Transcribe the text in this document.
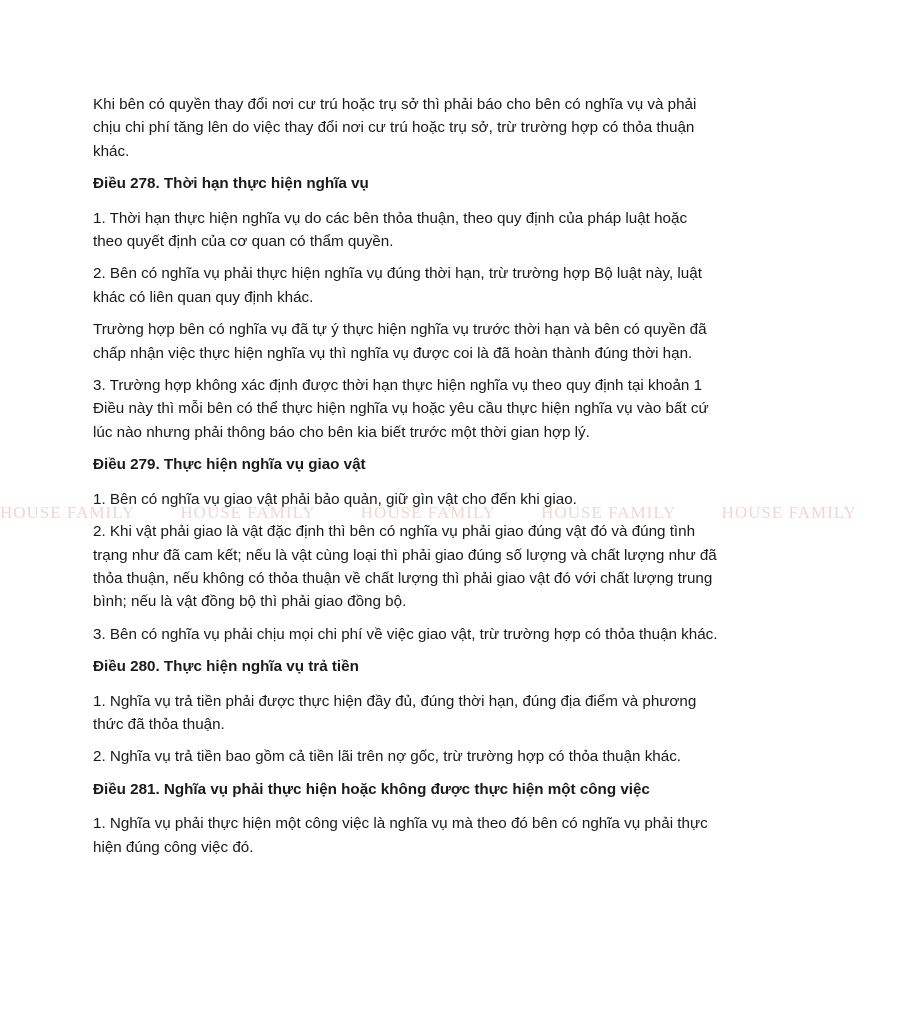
Khi bên có quyền thay đổi nơi cư trú hoặc trụ sở thì phải báo cho bên có nghĩa vụ và phải chịu chi phí tăng lên do việc thay đổi nơi cư trú hoặc trụ sở, trừ trường hợp có thỏa thuận khác.

Điều 278. Thời hạn thực hiện nghĩa vụ

1. Thời hạn thực hiện nghĩa vụ do các bên thỏa thuận, theo quy định của pháp luật hoặc theo quyết định của cơ quan có thẩm quyền.

2. Bên có nghĩa vụ phải thực hiện nghĩa vụ đúng thời hạn, trừ trường hợp Bộ luật này, luật khác có liên quan quy định khác.

Trường hợp bên có nghĩa vụ đã tự ý thực hiện nghĩa vụ trước thời hạn và bên có quyền đã chấp nhận việc thực hiện nghĩa vụ thì nghĩa vụ được coi là đã hoàn thành đúng thời hạn.

3. Trường hợp không xác định được thời hạn thực hiện nghĩa vụ theo quy định tại khoản 1 Điều này thì mỗi bên có thể thực hiện nghĩa vụ hoặc yêu cầu thực hiện nghĩa vụ vào bất cứ lúc nào nhưng phải thông báo cho bên kia biết trước một thời gian hợp lý.

Điều 279. Thực hiện nghĩa vụ giao vật

1. Bên có nghĩa vụ giao vật phải bảo quản, giữ gìn vật cho đến khi giao.

2. Khi vật phải giao là vật đặc định thì bên có nghĩa vụ phải giao đúng vật đó và đúng tình trạng như đã cam kết; nếu là vật cùng loại thì phải giao đúng số lượng và chất lượng như đã thỏa thuận, nếu không có thỏa thuận về chất lượng thì phải giao vật đó với chất lượng trung bình; nếu là vật đồng bộ thì phải giao đồng bộ.

3. Bên có nghĩa vụ phải chịu mọi chi phí về việc giao vật, trừ trường hợp có thỏa thuận khác.

Điều 280. Thực hiện nghĩa vụ trả tiền

1. Nghĩa vụ trả tiền phải được thực hiện đầy đủ, đúng thời hạn, đúng địa điểm và phương thức đã thỏa thuận.

2. Nghĩa vụ trả tiền bao gồm cả tiền lãi trên nợ gốc, trừ trường hợp có thỏa thuận khác.

Điều 281. Nghĩa vụ phải thực hiện hoặc không được thực hiện một công việc

1. Nghĩa vụ phải thực hiện một công việc là nghĩa vụ mà theo đó bên có nghĩa vụ phải thực hiện đúng công việc đó.

HOUSE FAMILY	HOUSE FAMILY	HOUSE FAMILY	HOUSE FAMILY	HOUSE FAMILY
